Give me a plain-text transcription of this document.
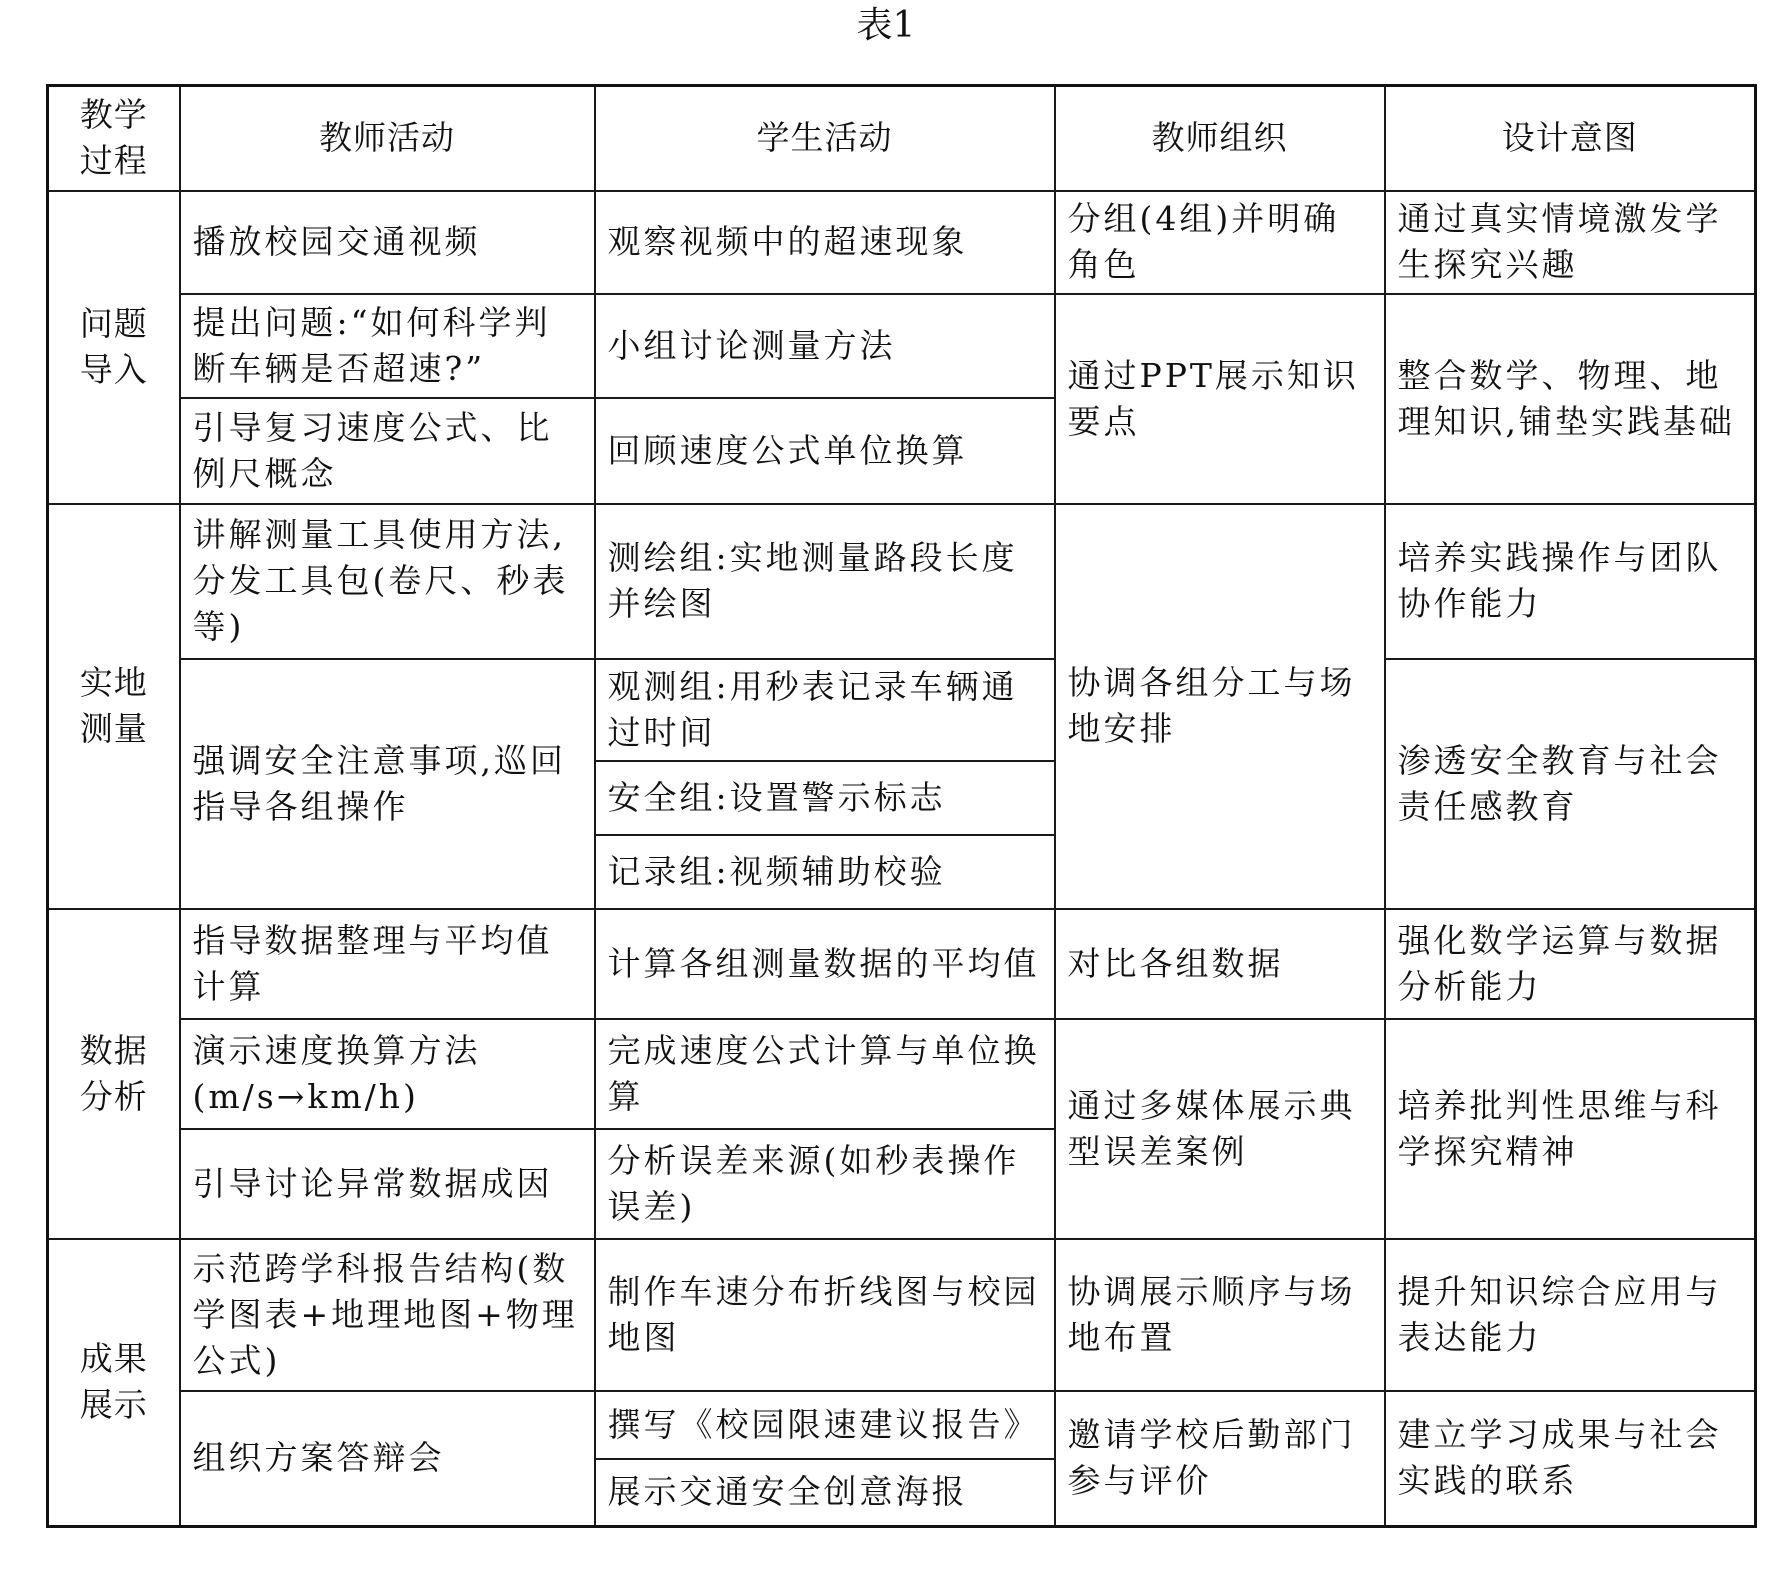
表1
教学
过程	教师活动	学生活动	教师组织	设计意图
问题
导入	播放校园交通视频	观察视频中的超速现象	分组(4组)并明确角色	通过真实情境激发学生探究兴趣
	提出问题:“如何科学判断车辆是否超速?”	小组讨论测量方法	通过PPT展示知识要点	整合数学、物理、地理知识,铺垫实践基础
	引导复习速度公式、比例尺概念	回顾速度公式单位换算		
实地
测量	讲解测量工具使用方法,分发工具包(卷尺、秒表等)	测绘组:实地测量路段长度并绘图	协调各组分工与场地安排	培养实践操作与团队协作能力
	强调安全注意事项,巡回指导各组操作	观测组:用秒表记录车辆通过时间		渗透安全教育与社会责任感教育
		安全组:设置警示标志		
		记录组:视频辅助校验		
数据
分析	指导数据整理与平均值计算	计算各组测量数据的平均值	对比各组数据	强化数学运算与数据分析能力
	演示速度换算方法(m/s→km/h)	完成速度公式计算与单位换算	通过多媒体展示典型误差案例	培养批判性思维与科学探究精神
	引导讨论异常数据成因	分析误差来源(如秒表操作误差)		
成果
展示	示范跨学科报告结构(数学图表+地理地图+物理公式)	制作车速分布折线图与校园地图	协调展示顺序与场地布置	提升知识综合应用与表达能力
	组织方案答辩会	撰写《校园限速建议报告》	邀请学校后勤部门参与评价	建立学习成果与社会实践的联系
		展示交通安全创意海报		
